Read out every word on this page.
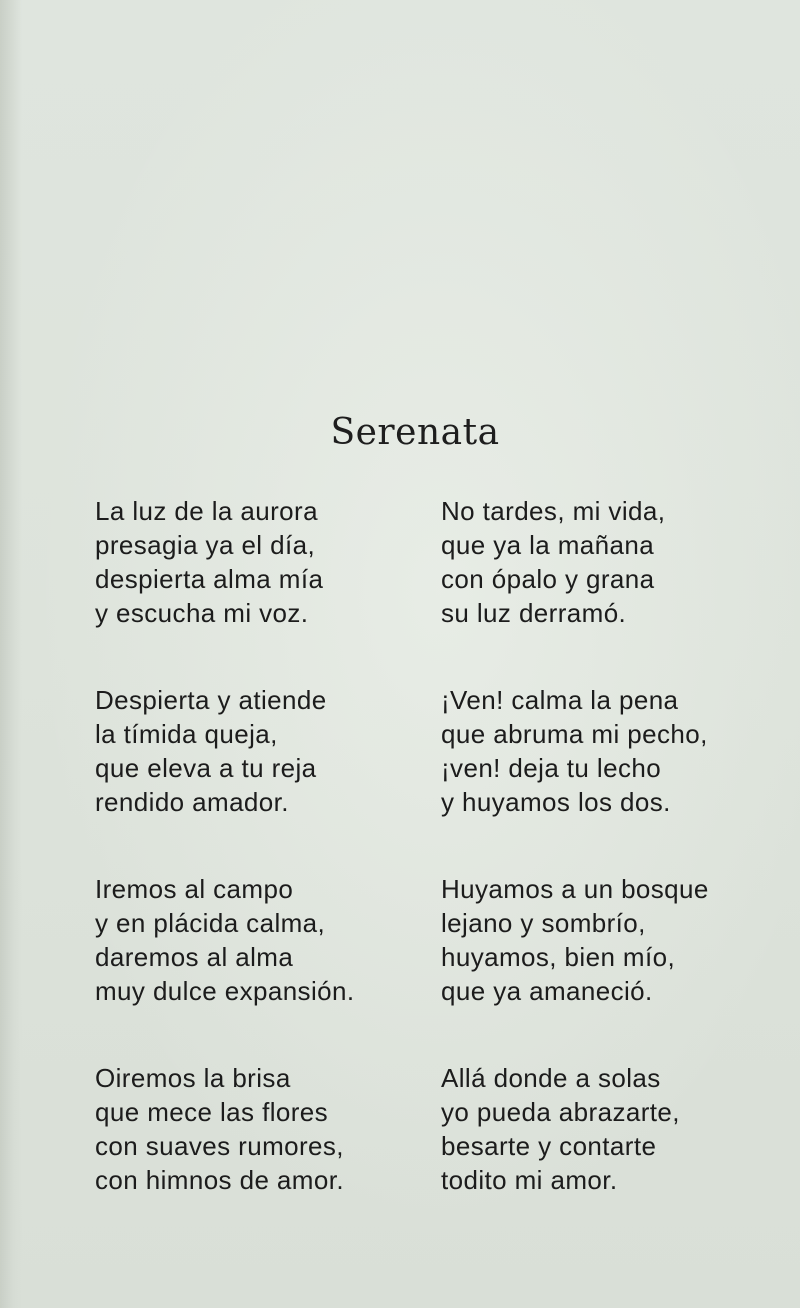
Serenata
La luz de la aurora
presagia ya el día,
despierta alma mía
y escucha mi voz.
Despierta y atiende
la tímida queja,
que eleva a tu reja
rendido amador.
Iremos al campo
y en plácida calma,
daremos al alma
muy dulce expansión.
Oiremos la brisa
que mece las flores
con suaves rumores,
con himnos de amor.
No tardes, mi vida,
que ya la mañana
con ópalo y grana
su luz derramó.
¡Ven! calma la pena
que abruma mi pecho,
¡ven! deja tu lecho
y huyamos los dos.
Huyamos a un bosque
lejano y sombrío,
huyamos, bien mío,
que ya amaneció.
Allá donde a solas
yo pueda abrazarte,
besarte y contarte
todito mi amor.
